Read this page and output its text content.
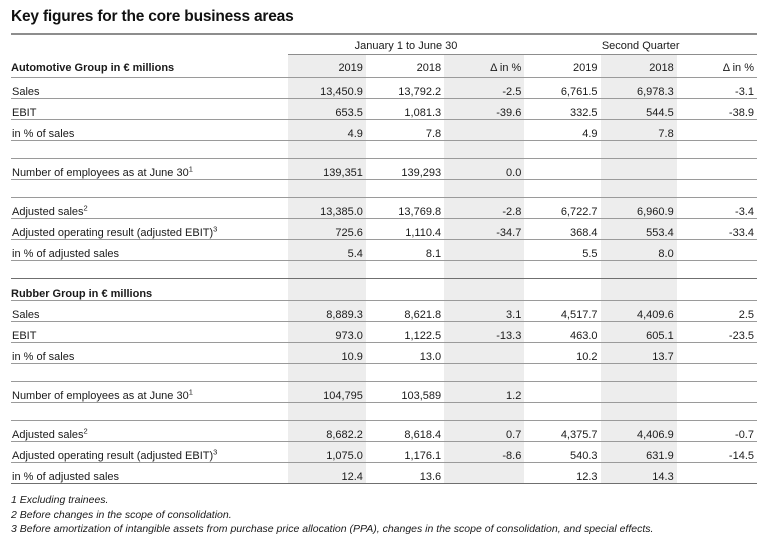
Key figures for the core business areas
	January 1 to June 30			Second Quarter		

Automotive Group in € millions	2019	2018	Δ in %	2019	2018	Δ in %
Sales	13,450.9	13,792.2	-2.5	6,761.5	6,978.3	-3.1
EBIT	653.5	1,081.3	-39.6	332.5	544.5	-38.9
in % of sales	4.9	7.8		4.9	7.8	

Number of employees as at June $30^1$	139,351	139,293	0.0			

Adjusted sales$^2$	13,385.0	13,769.8	-2.8	6,722.7	6,960.9	-3.4
Adjusted operating result (adjusted EBIT)$^3$	725.6	1,110.4	-34.7	368.4	553.4	-33.4
in % of adjusted sales	5.4	8.1		5.5	8.0	

Rubber Group in € millions						
Sales	8,889.3	8,621.8	3.1	4,517.7	4,409.6	2.5
EBIT	973.0	1,122.5	-13.3	463.0	605.1	-23.5
in % of sales	10.9	13.0		10.2	13.7	

Number of employees as at June $30^1$	104,795	103,589	1.2			

Adjusted sales$^2$	8,682.2	8,618.4	0.7	4,375.7	4,406.9	-0.7
Adjusted operating result (adjusted EBIT)$^3$	1,075.0	1,176.1	-8.6	540.3	631.9	-14.5
in % of adjusted sales	12.4	13.6		12.3	14.3	

1 Excluding trainees.
2 Before changes in the scope of consolidation.
3 Before amortization of intangible assets from purchase price allocation (PPA), changes in the scope of consolidation, and special effects.
